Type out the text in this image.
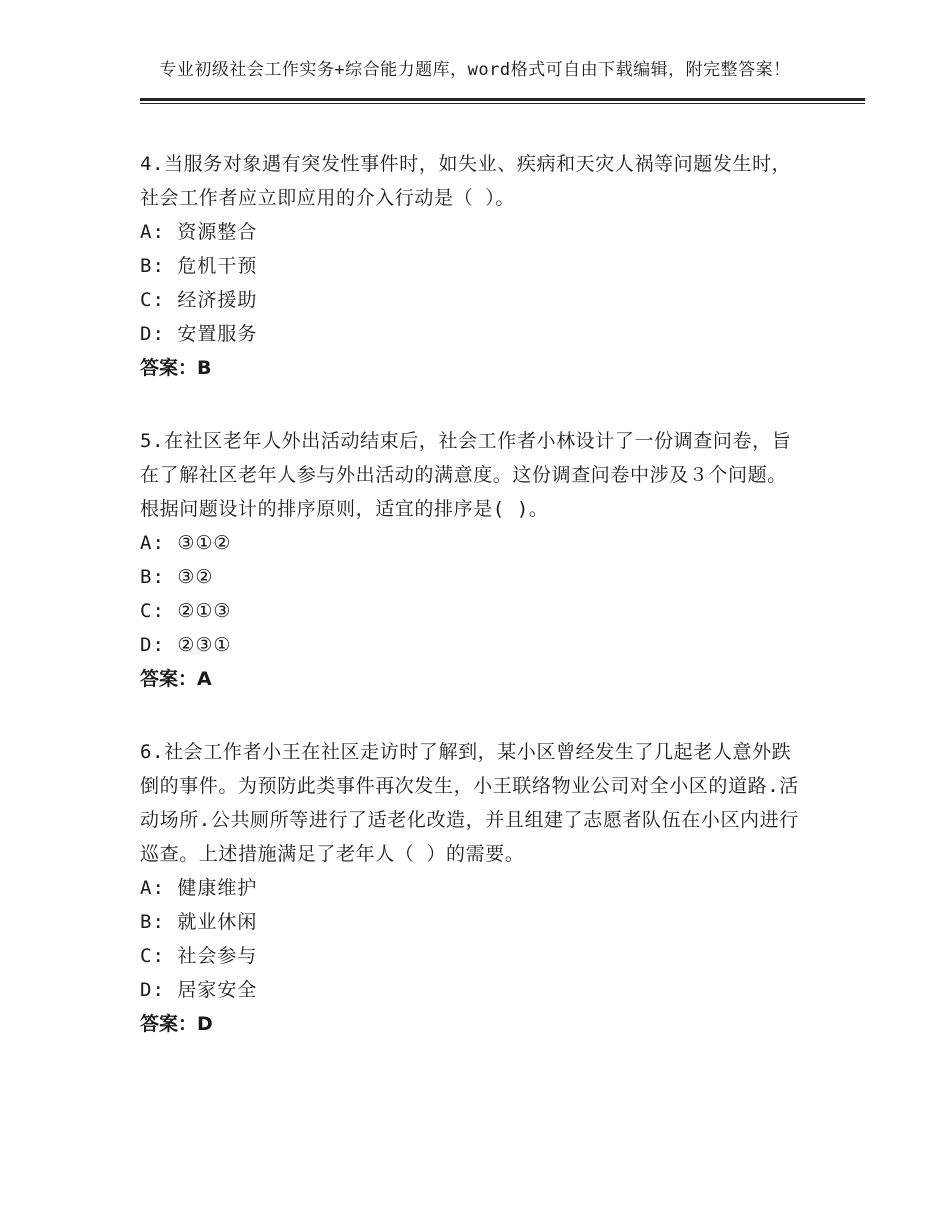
专业初级社会工作实务+综合能力题库，word格式可自由下载编辑，附完整答案！

4.当服务对象遇有突发性事件时，如失业、疾病和天灾人祸等问题发生时，社会工作者应立即应用的介入行动是（ ）。

A: 资源整合

B: 危机干预

C: 经济援助

D: 安置服务

答案：B

5.在社区老年人外出活动结束后，社会工作者小林设计了一份调查问卷，旨在了解社区老年人参与外出活动的满意度。这份调查问卷中涉及３个问题。根据问题设计的排序原则，适宜的排序是( )。

A: ③①②

B: ③②

C: ②①③

D: ②③①

答案：A

6.社会工作者小王在社区走访时了解到，某小区曾经发生了几起老人意外跌倒的事件。为预防此类事件再次发生，小王联络物业公司对全小区的道路.活动场所.公共厕所等进行了适老化改造，并且组建了志愿者队伍在小区内进行巡查。上述措施满足了老年人（ ）的需要。

A: 健康维护

B: 就业休闲

C: 社会参与

D: 居家安全

答案：D
